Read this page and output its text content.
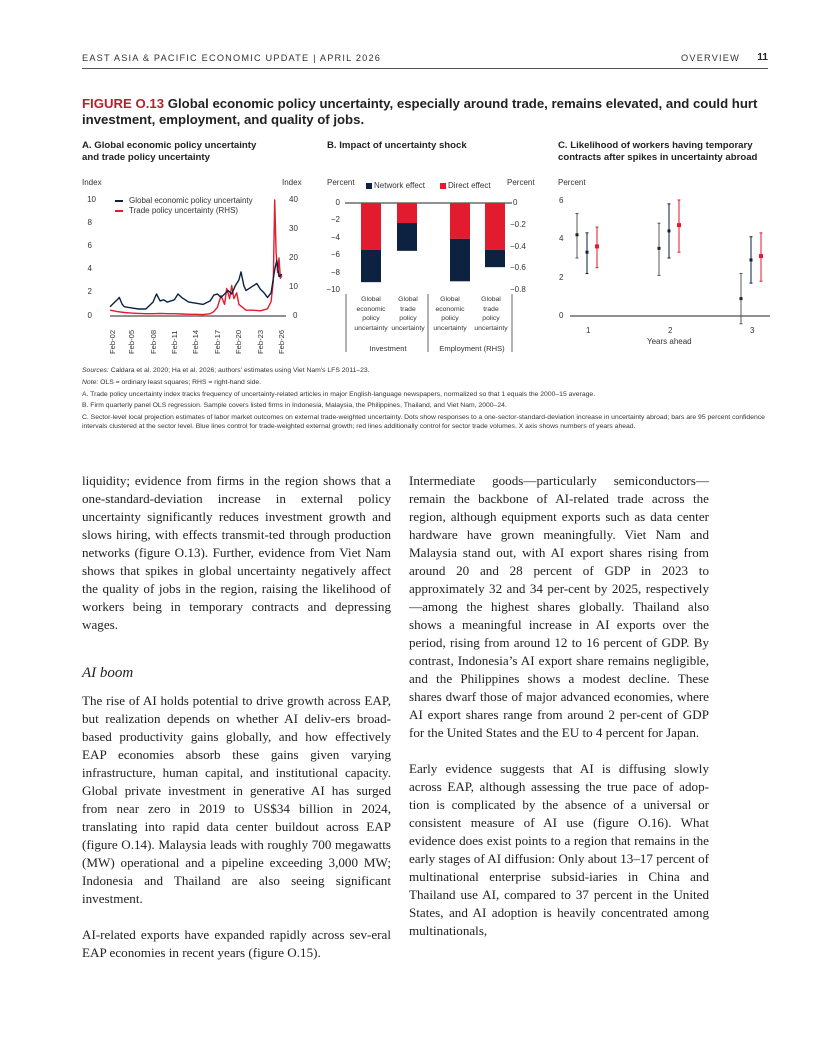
EAST ASIA & PACIFIC ECONOMIC UPDATE | APRIL 2026	OVERVIEW 11
FIGURE O.13 Global economic policy uncertainty, especially around trade, remains elevated, and could hurt investment, employment, and quality of jobs.
A. Global economic policy uncertainty
and trade policy uncertainty
Index	Index
10
8
6
4
2
0
40
30
20
10
0
Global economic policy uncertainty
Trade policy uncertainty (RHS)
Feb-02 Feb-05 Feb-08 Feb-11 Feb-14 Feb-17 Feb-20 Feb-23 Feb-26
B. Impact of uncertainty shock
Percent	Percent
Network effect	Direct effect
0
−2
−4
−6
−8
−10
0
−0.2
−0.4
−0.6
−0.8
Global
economic
policy
uncertainty
Global
trade
policy
uncertainty
Global
economic
policy
uncertainty
Global
trade
policy
uncertainty
Investment	Employment (RHS)
C. Likelihood of workers having temporary
contracts after spikes in uncertainty abroad
Percent
6
4
2
0
1	2	3
Years ahead

Sources: Caldara et al. 2020; Ha et al. 2026; authors' estimates using Viet Nam's LFS 2011–23.

Note: OLS = ordinary least squares; RHS = right-hand side.

A. Trade policy uncertainty index tracks frequency of uncertainty-related articles in major English-language newspapers, normalized so that 1 equals the 2000–15 average.

B. Firm quarterly panel OLS regression. Sample covers listed firms in Indonesia, Malaysia, the Philippines, Thailand, and Viet Nam, 2000–24.

C. Sector-level local projection estimates of labor market outcomes on external trade-weighted uncertainty. Dots show responses to a one-sector-standard-deviation increase in uncertainty abroad; bars are 95 percent confidence intervals clustered at the sector level. Blue lines control for trade-weighted external growth; red lines additionally control for sector trade volumes. X axis shows numbers of years ahead.

liquidity; evidence from firms in the region shows that a one-standard-deviation increase in external policy uncertainty significantly reduces investment growth and slows hiring, with effects transmit-ted through production networks (figure O.13). Further, evidence from Viet Nam shows that spikes in global uncertainty negatively affect the quality of jobs in the region, raising the likelihood of workers being in temporary contracts and depressing wages.

AI boom

The rise of AI holds potential to drive growth across EAP, but realization depends on whether AI deliv-ers broad-based productivity gains globally, and how effectively EAP economies absorb these gains given varying infrastructure, human capital, and institutional capacity. Global private investment in generative AI has surged from near zero in 2019 to US$34 billion in 2024, translating into rapid data center buildout across EAP (figure O.14). Malaysia leads with roughly 700 megawatts (MW) operational and a pipeline exceeding 3,000 MW; Indonesia and Thailand are also seeing significant investment.

AI-related exports have expanded rapidly across sev-eral EAP economies in recent years (figure O.15).

Intermediate goods—particularly semiconductors—remain the backbone of AI-related trade across the region, although equipment exports such as data center hardware have grown meaningfully. Viet Nam and Malaysia stand out, with AI export shares rising from around 20 and 28 percent of GDP in 2023 to approximately 32 and 34 per-cent by 2025, respectively—among the highest shares globally. Thailand also shows a meaningful increase in AI exports over the period, rising from around 12 to 16 percent of GDP. By contrast, Indonesia’s AI export share remains negligible, and the Philippines shows a modest decline. These shares dwarf those of major advanced economies, where AI export shares range from around 2 per-cent of GDP for the United States and the EU to 4 percent for Japan.

Early evidence suggests that AI is diffusing slowly across EAP, although assessing the true pace of adop-tion is complicated by the absence of a universal or consistent measure of AI use (figure O.16). What evidence does exist points to a region that remains in the early stages of AI diffusion: Only about 13–17 percent of multinational enterprise subsid-iaries in China and Thailand use AI, compared to 37 percent in the United States, and AI adoption is heavily concentrated among multinationals,
